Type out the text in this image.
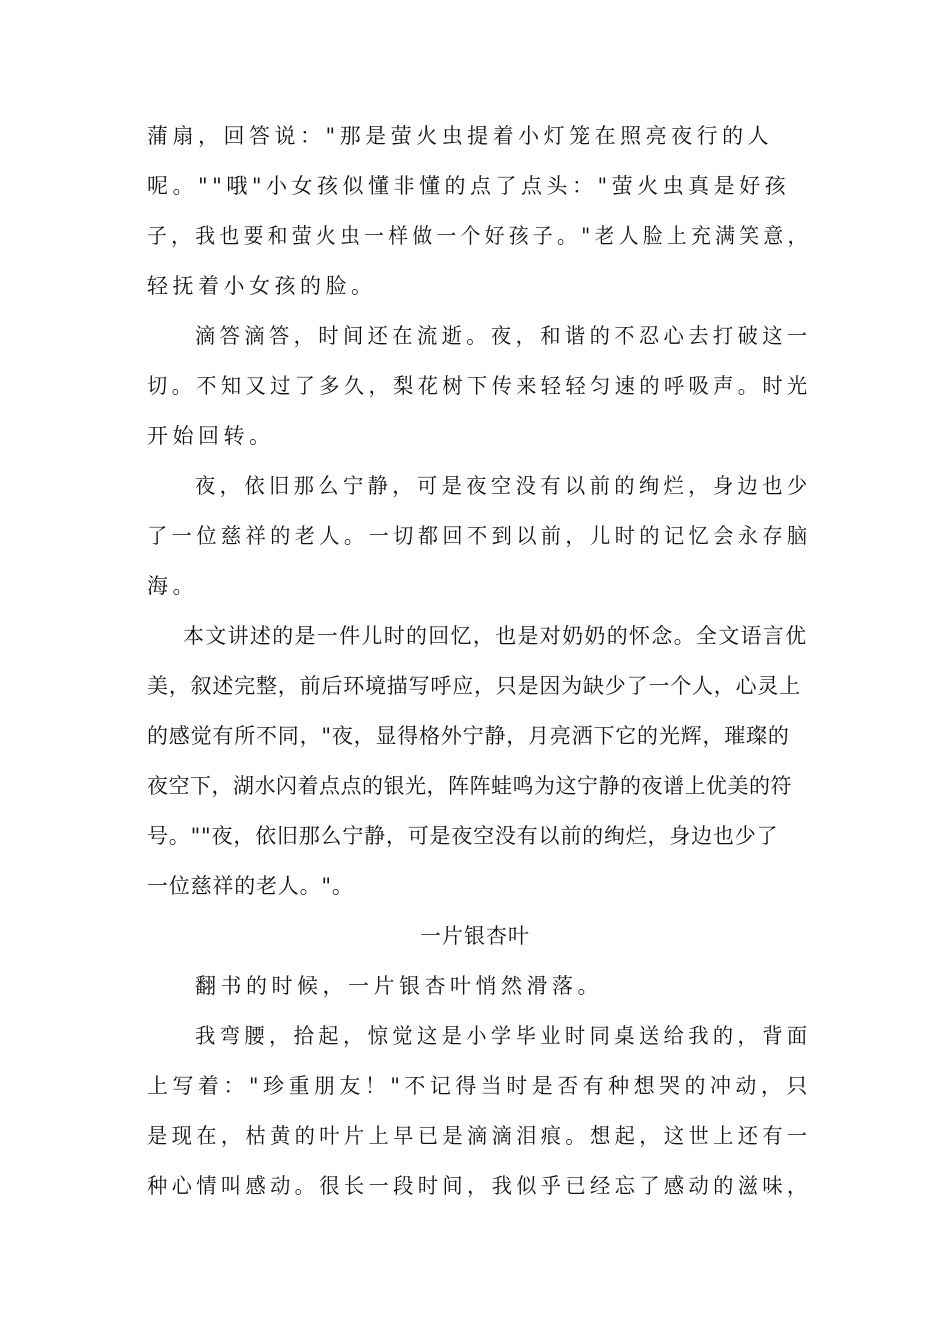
蒲扇，回答说："那是萤火虫提着小灯笼在照亮夜行的人

呢。""哦"小女孩似懂非懂的点了点头："萤火虫真是好孩

子，我也要和萤火虫一样做一个好孩子。"老人脸上充满笑意，

轻抚着小女孩的脸。

滴答滴答，时间还在流逝。夜，和谐的不忍心去打破这一

切。不知又过了多久，梨花树下传来轻轻匀速的呼吸声。时光

开始回转。

夜，依旧那么宁静，可是夜空没有以前的绚烂，身边也少

了一位慈祥的老人。一切都回不到以前，儿时的记忆会永存脑

海。

本文讲述的是一件儿时的回忆，也是对奶奶的怀念。全文语言优

美，叙述完整，前后环境描写呼应，只是因为缺少了一个人，心灵上

的感觉有所不同，"夜，显得格外宁静，月亮洒下它的光辉，璀璨的

夜空下，湖水闪着点点的银光，阵阵蛙鸣为这宁静的夜谱上优美的符

号。""夜，依旧那么宁静，可是夜空没有以前的绚烂，身边也少了

一位慈祥的老人。"。

一片银杏叶

翻书的时候，一片银杏叶悄然滑落。

我弯腰，拾起，惊觉这是小学毕业时同桌送给我的，背面

上写着："珍重朋友！"不记得当时是否有种想哭的冲动，只

是现在，枯黄的叶片上早已是滴滴泪痕。想起，这世上还有一

种心情叫感动。很长一段时间，我似乎已经忘了感动的滋味，
